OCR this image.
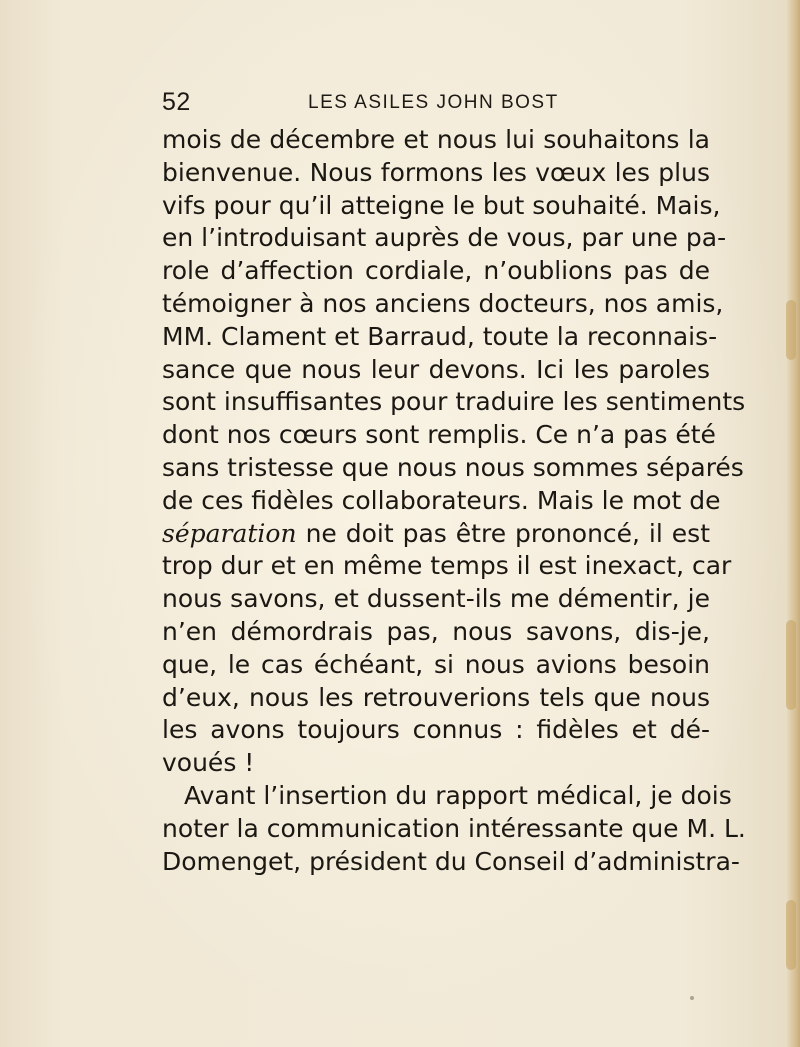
52	LES ASILES JOHN BOST
mois de décembre et nous lui souhaitons la
bienvenue. Nous formons les vœux les plus
vifs pour qu’il atteigne le but souhaité. Mais,
en l’introduisant auprès de vous, par une pa-
role d’affection cordiale, n’oublions pas de
témoigner à nos anciens docteurs, nos amis,
MM. Clament et Barraud, toute la reconnais-
sance que nous leur devons. Ici les paroles
sont insuffisantes pour traduire les sentiments
dont nos cœurs sont remplis. Ce n’a pas été
sans tristesse que nous nous sommes séparés
de ces fidèles collaborateurs. Mais le mot de
séparation ne doit pas être prononcé, il est
trop dur et en même temps il est inexact, car
nous savons, et dussent-ils me démentir, je
n’en démordrais pas, nous savons, dis-je,
que, le cas échéant, si nous avions besoin
d’eux, nous les retrouverions tels que nous
les avons toujours connus : fidèles et dé-
voués !
Avant l’insertion du rapport médical, je dois
noter la communication intéressante que M. L.
Domenget, président du Conseil d’administra-
